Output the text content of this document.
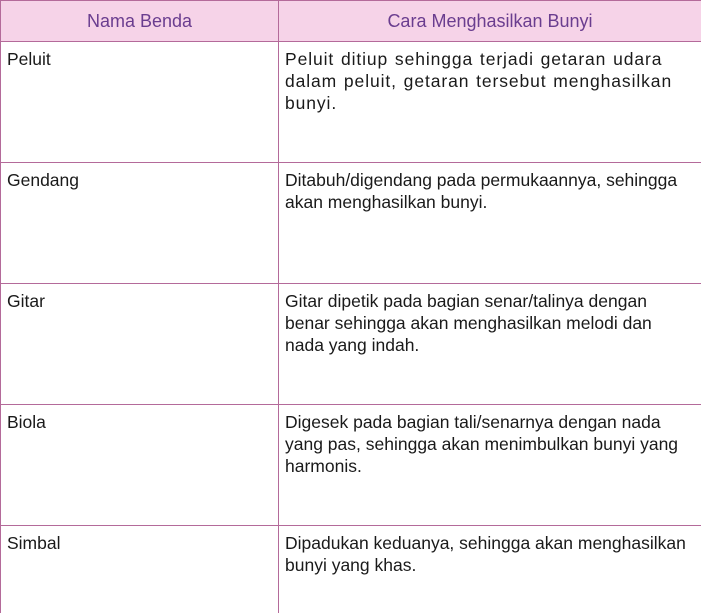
Nama Benda	Cara Menghasilkan Bunyi
Peluit	Peluit ditiup sehingga terjadi getaran udara dalam peluit, getaran tersebut menghasilkan bunyi.
Gendang	Ditabuh/digendang pada permukaannya, sehingga akan menghasilkan bunyi.
Gitar	Gitar dipetik pada bagian senar/talinya dengan benar sehingga akan menghasilkan melodi dan nada yang indah.
Biola	Digesek pada bagian tali/senarnya dengan nada yang pas, sehingga akan menimbulkan bunyi yang harmonis.
Simbal	Dipadukan keduanya, sehingga akan menghasilkan bunyi yang khas.
